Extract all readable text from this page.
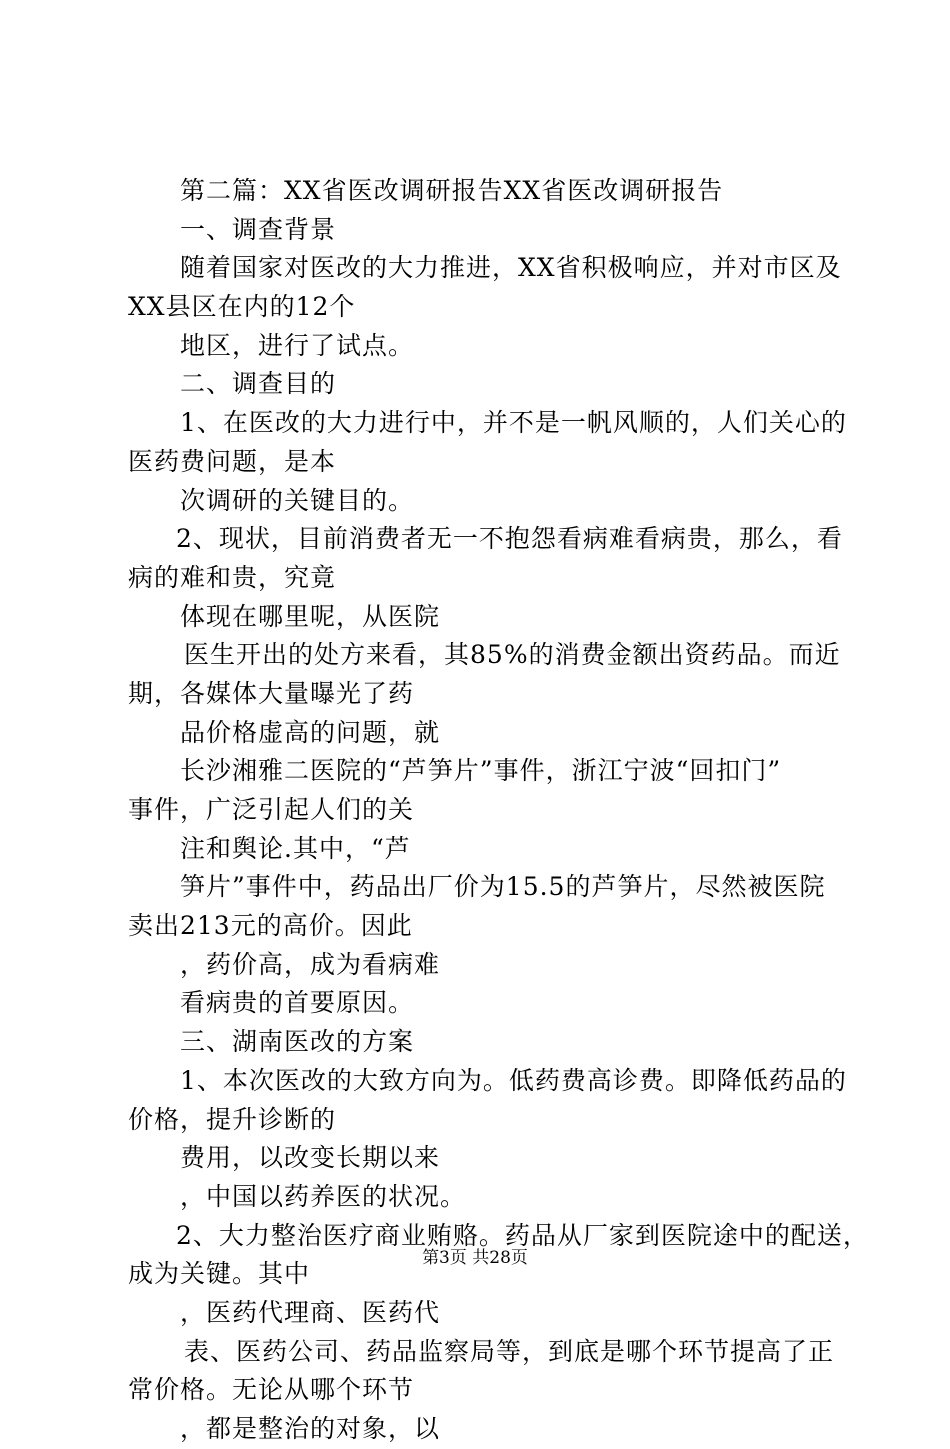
第二篇：XX省医改调研报告XX省医改调研报告
一、调查背景
随着国家对医改的大力推进，XX省积极响应，并对市区及
XX县区在内的12个
地区，进行了试点。
二、调查目的
1、在医改的大力进行中，并不是一帆风顺的，人们关心的
医药费问题，是本
次调研的关键目的。
2、现状，目前消费者无一不抱怨看病难看病贵，那么，看
病的难和贵，究竟
体现在哪里呢，从医院
医生开出的处方来看，其85%的消费金额出资药品。而近
期，各媒体大量曝光了药
品价格虚高的问题，就
长沙湘雅二医院的“芦笋片”事件，浙江宁波“回扣门”
事件，广泛引起人们的关
注和舆论.其中，“芦
笋片”事件中，药品出厂价为15.5的芦笋片，尽然被医院
卖出213元的高价。因此
，药价高，成为看病难
看病贵的首要原因。
三、湖南医改的方案
1、本次医改的大致方向为。低药费高诊费。即降低药品的
价格，提升诊断的
费用，以改变长期以来
，中国以药养医的状况。
2、大力整治医疗商业贿赂。药品从厂家到医院途中的配送，
成为关键。其中
，医药代理商、医药代
表、医药公司、药品监察局等，到底是哪个环节提高了正
常价格。无论从哪个环节
，都是整治的对象，以
第3页 共28页
